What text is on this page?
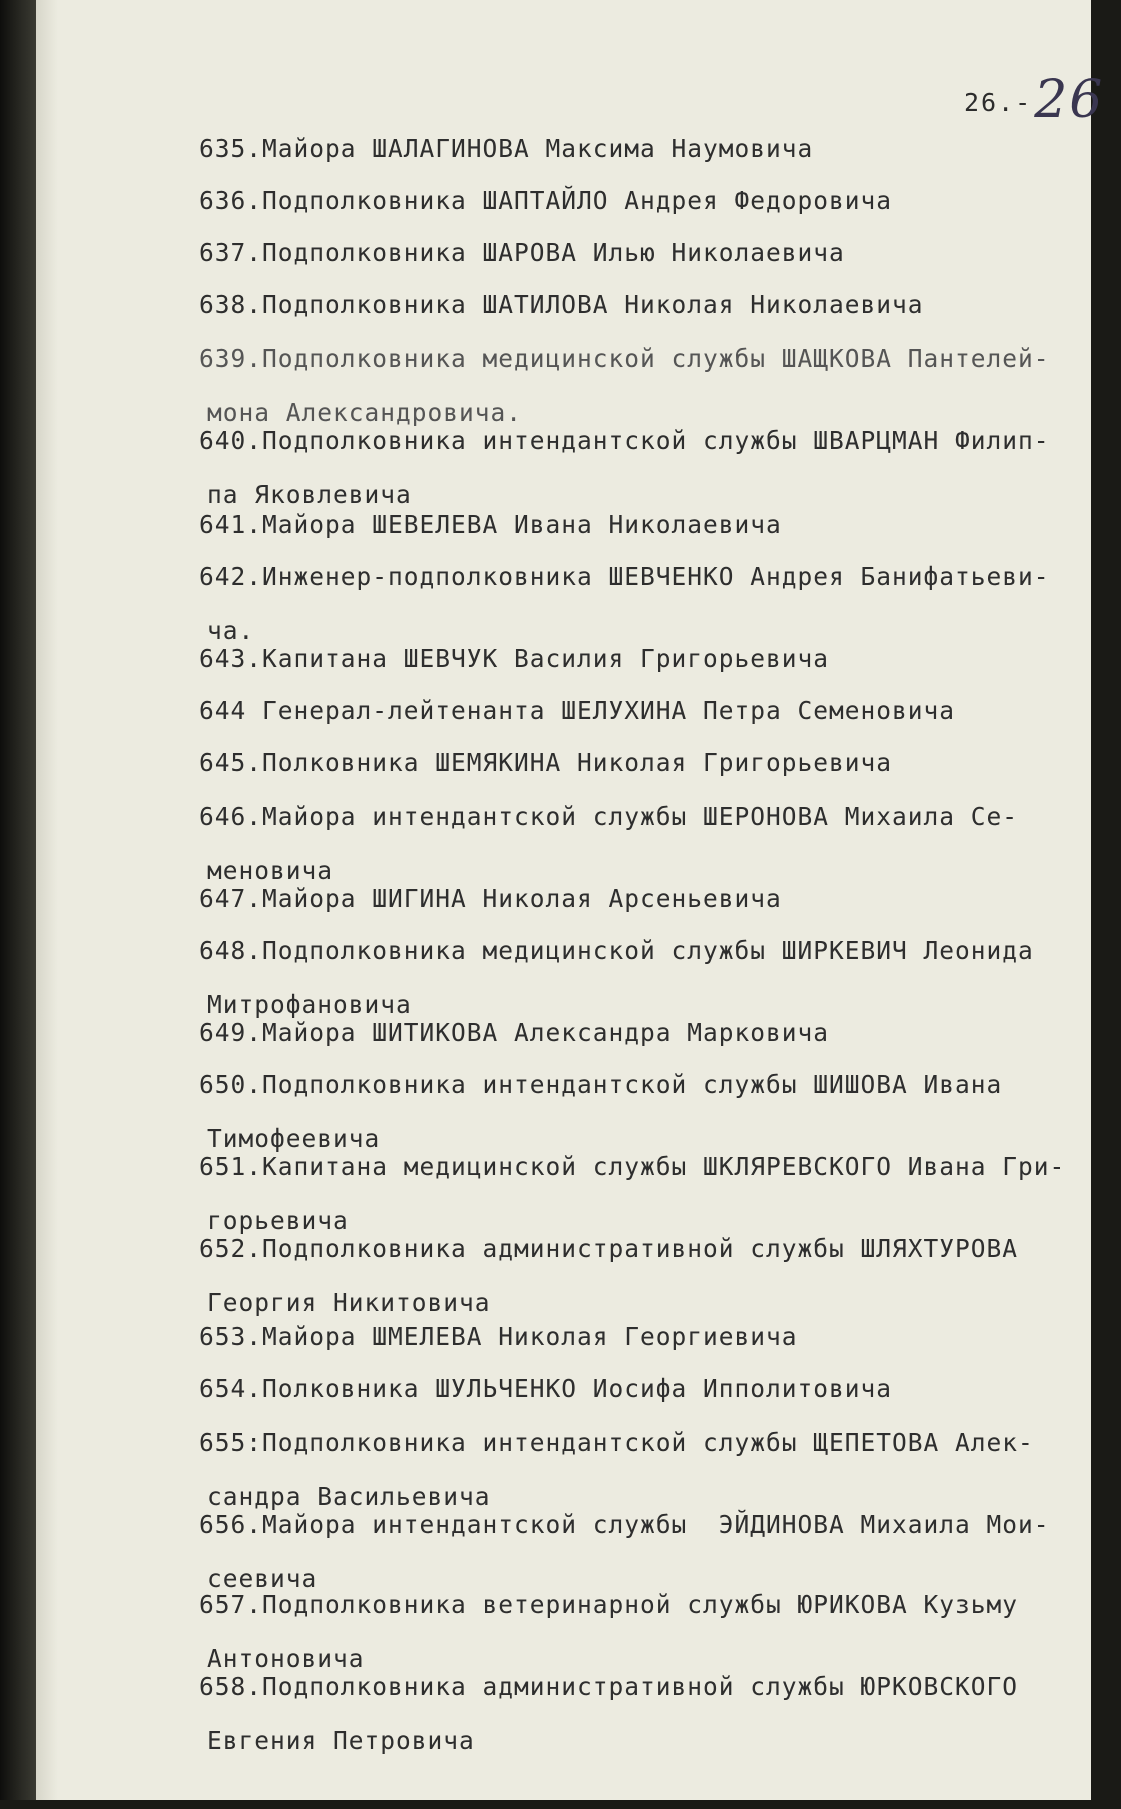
26.-26

635.Майора ШАЛАГИНОВА Максима Наумовича

636.Подполковника ШАПТАЙЛО Андрея Федоровича

637.Подполковника ШАРОВА Илью Николаевича

638.Подполковника ШАТИЛОВА Николая Николаевича

639.Подполковника медицинской службы ШАЩКОВА Пантелей-

мона Александровича.

640.Подполковника интендантской службы ШВАРЦМАН Филип-

па Яковлевича

641.Майора ШЕВЕЛЕВА Ивана Николаевича

642.Инженер-подполковника ШЕВЧЕНКО Андрея Банифатьеви-

ча.

643.Капитана ШЕВЧУК Василия Григорьевича

644 Генерал-лейтенанта ШЕЛУХИНА Петра Семеновича

645.Полковника ШЕМЯКИНА Николая Григорьевича

646.Майора интендантской службы ШЕРОНОВА Михаила Се-

меновича

647.Майора ШИГИНА Николая Арсеньевича

648.Подполковника медицинской службы ШИРКЕВИЧ Леонида

Митрофановича

649.Майора ШИТИКОВА Александра Марковича

650.Подполковника интендантской службы ШИШОВА Ивана

Тимофеевича

651.Капитана медицинской службы ШКЛЯРЕВСКОГО Ивана Гри-

горьевича

652.Подполковника административной службы ШЛЯХТУРОВА

Георгия Никитовича

653.Майора ШМЕЛЕВА Николая Георгиевича

654.Полковника ШУЛЬЧЕНКО Иосифа Ипполитовича

655:Подполковника интендантской службы ЩЕПЕТОВА Алек-

сандра Васильевича

656.Майора интендантской службы  ЭЙДИНОВА Михаила Мои-

сеевича

657.Подполковника ветеринарной службы ЮРИКОВА Кузьму

Антоновича

658.Подполковника административной службы ЮРКОВСКОГО

Евгения Петровича
